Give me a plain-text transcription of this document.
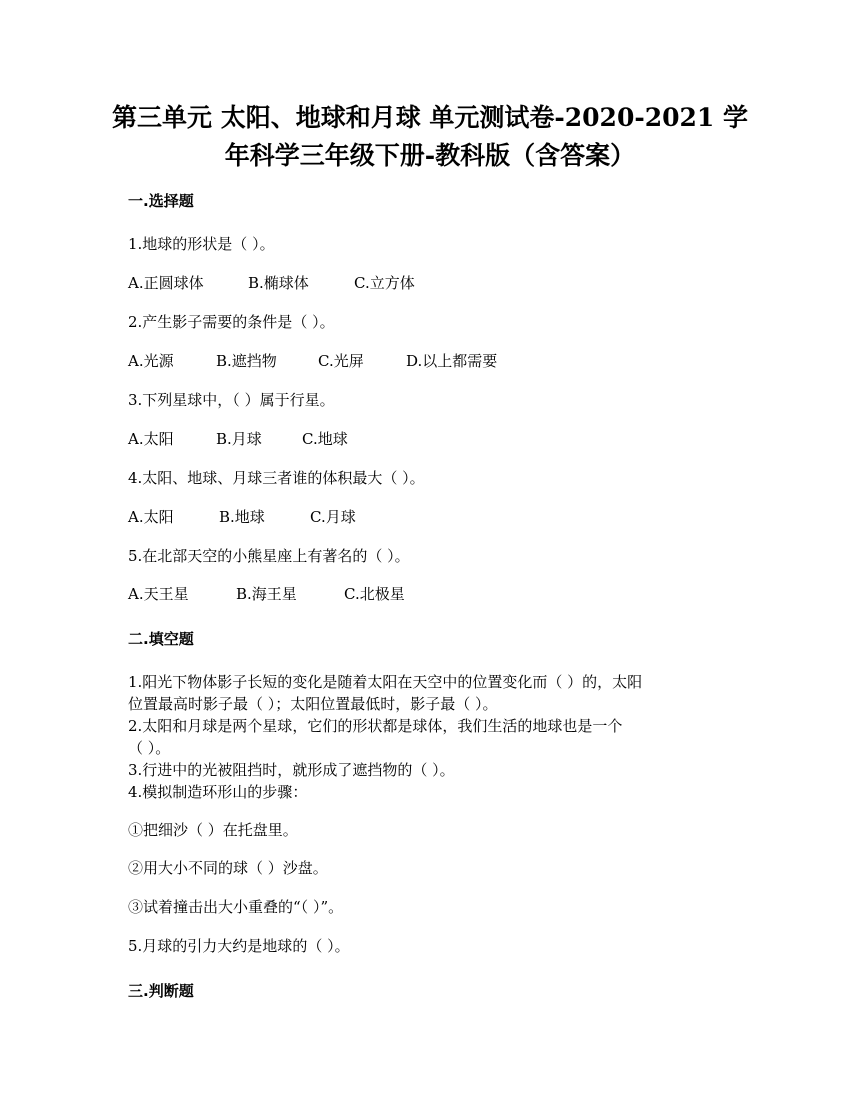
第三单元 太阳、地球和月球 单元测试卷-2020-2021 学
年科学三年级下册-教科版（含答案）
一.选择题
1.地球的形状是（ ）。
A.正圆球体	B.椭球体	C.立方体
2.产生影子需要的条件是（ ）。
A.光源	B.遮挡物	C.光屏	D.以上都需要
3.下列星球中，（ ）属于行星。
A.太阳	B.月球	C.地球
4.太阳、地球、月球三者谁的体积最大（ ）。
A.太阳	B.地球	C.月球
5.在北部天空的小熊星座上有著名的（ ）。
A.天王星	B.海王星	C.北极星
二.填空题
1.阳光下物体影子长短的变化是随着太阳在天空中的位置变化而（ ）的，太阳
位置最高时影子最（ ）；太阳位置最低时，影子最（ ）。
2.太阳和月球是两个星球，它们的形状都是球体，我们生活的地球也是一个
（ ）。
3.行进中的光被阻挡时，就形成了遮挡物的（ ）。
4.模拟制造环形山的步骤：
①把细沙（ ）在托盘里。
②用大小不同的球（ ）沙盘。
③试着撞击出大小重叠的“（ ）”。
5.月球的引力大约是地球的（ ）。
三.判断题
